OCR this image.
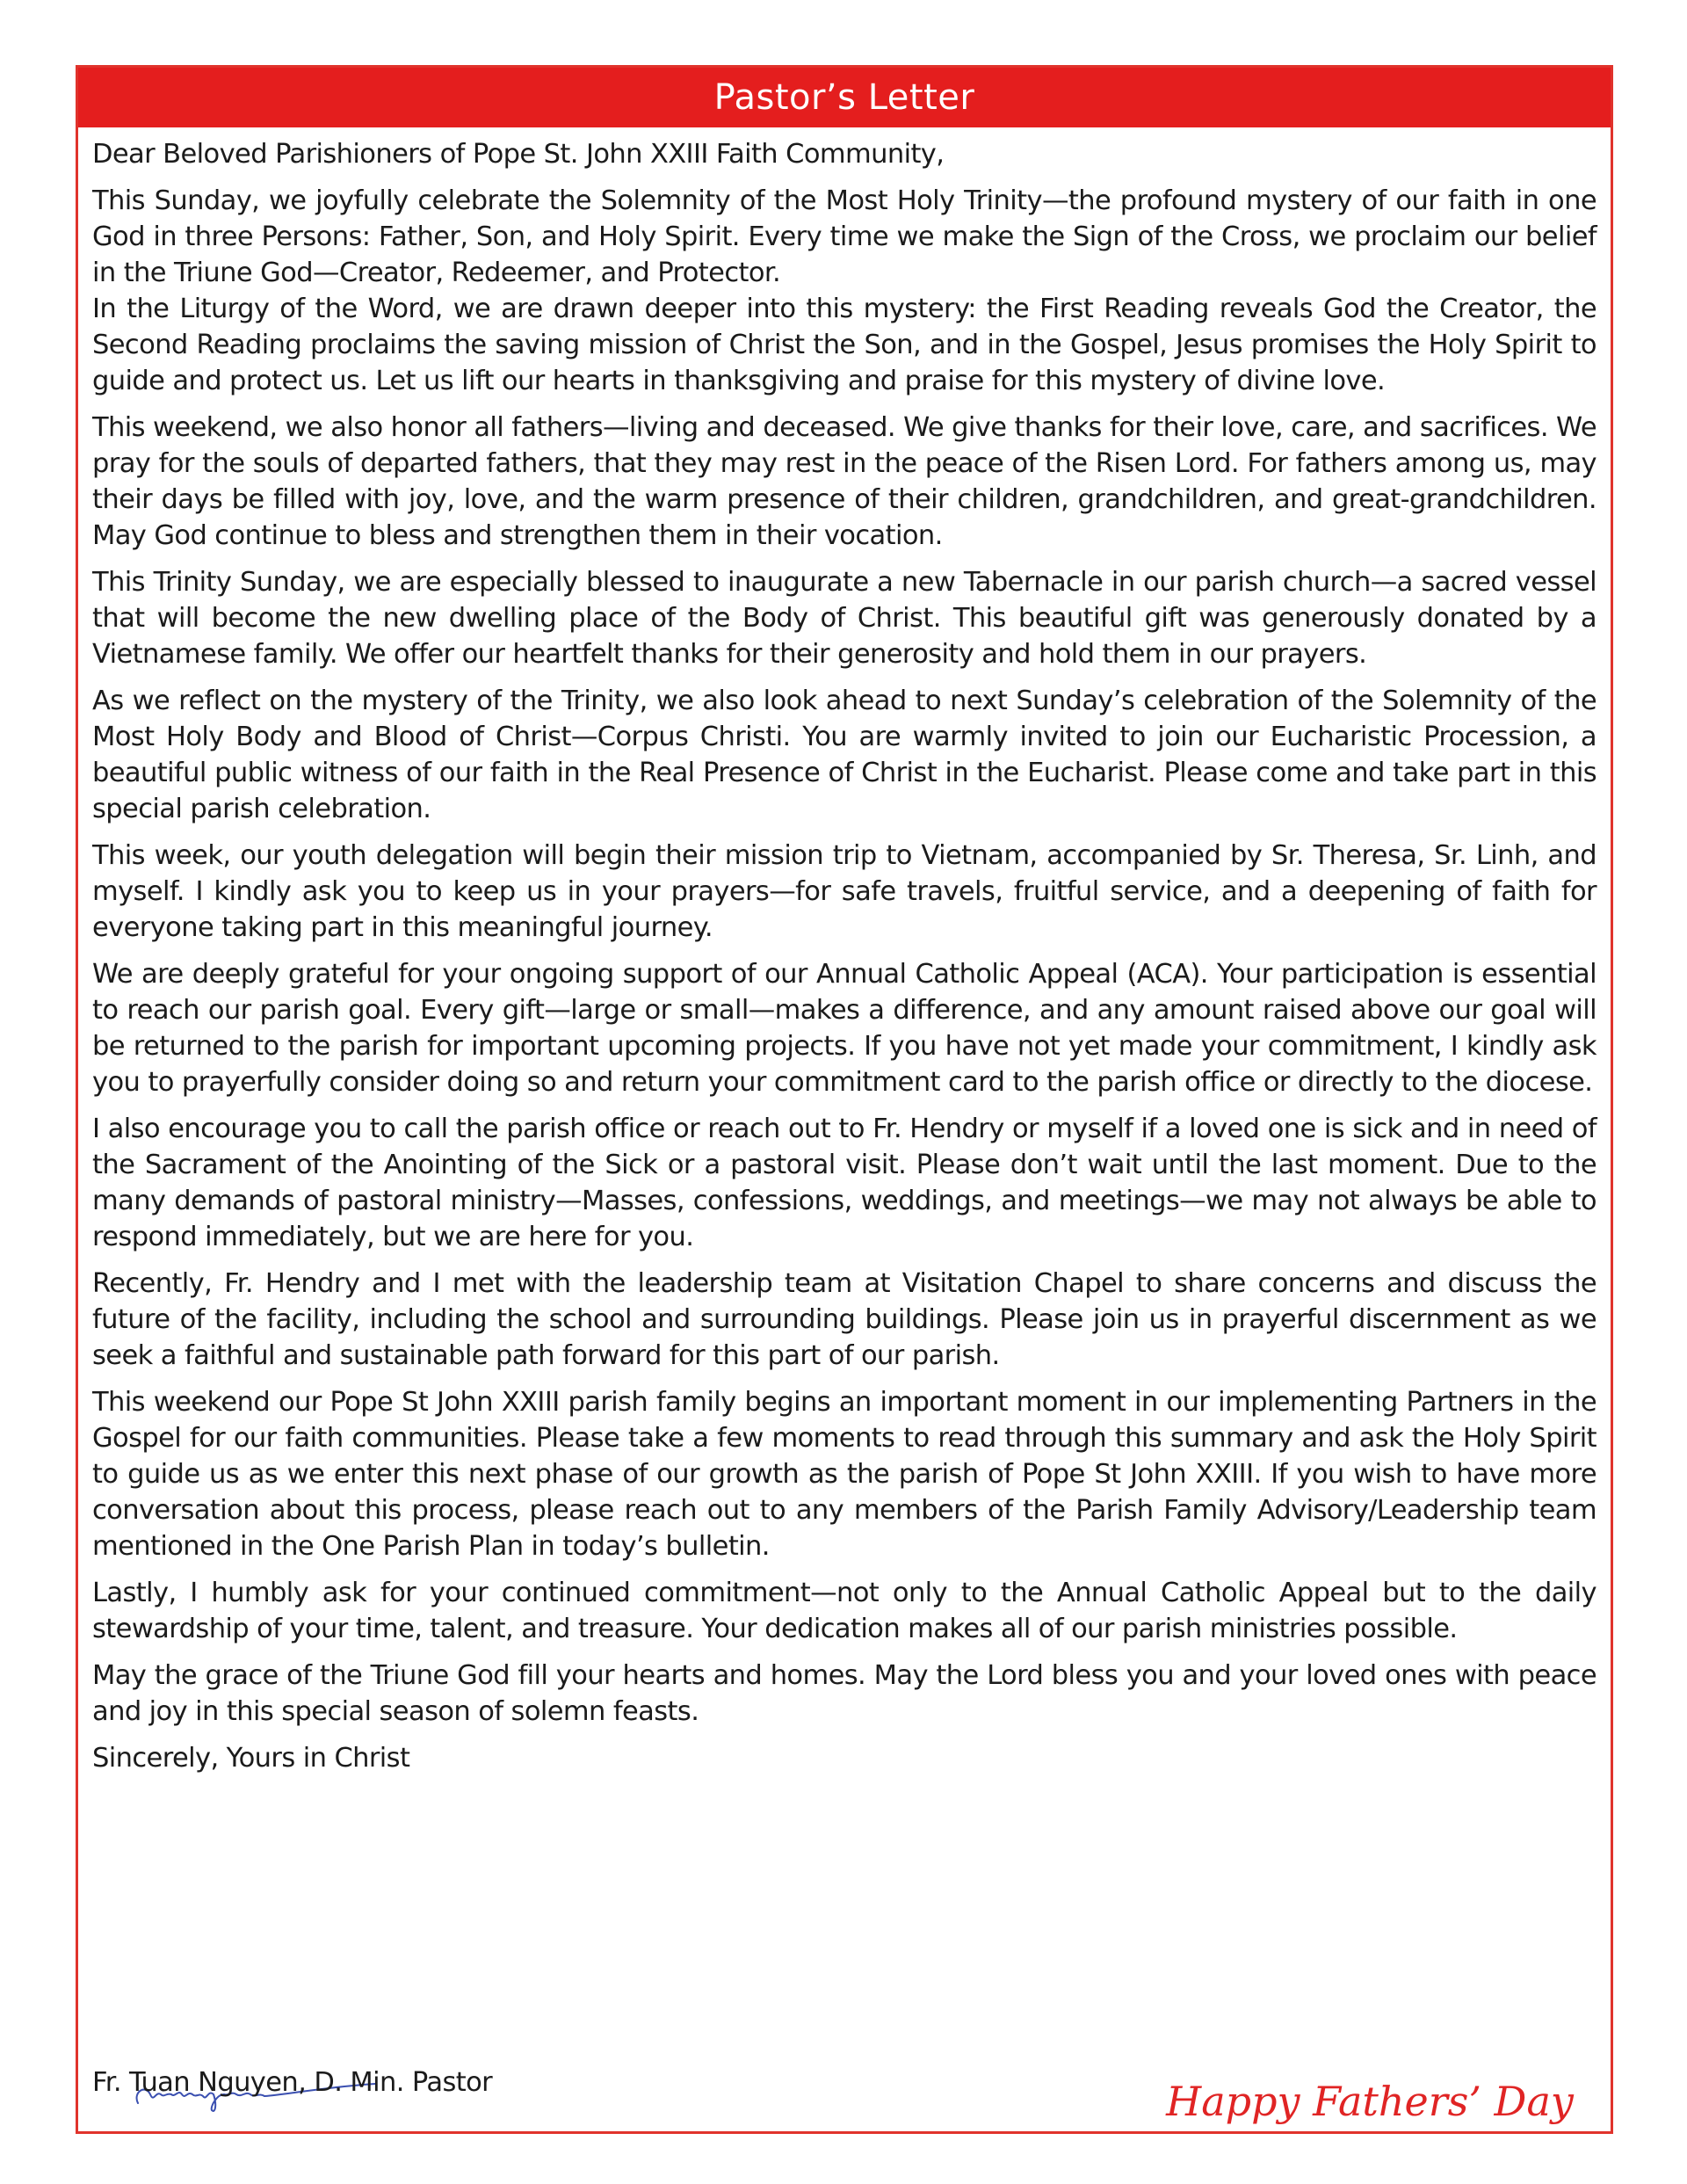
Pastor’s Letter

Dear Beloved Parishioners of Pope St. John XXIII Faith Community,

This Sunday, we joyfully celebrate the Solemnity of the Most Holy Trinity—the profound mystery of our faith in one God in three Persons: Father, Son, and Holy Spirit. Every time we make the Sign of the Cross, we proclaim our belief in the Triune God—Creator, Redeemer, and Protector.

In the Liturgy of the Word, we are drawn deeper into this mystery: the First Reading reveals God the Creator, the Second Reading proclaims the saving mission of Christ the Son, and in the Gospel, Jesus promises the Holy Spirit to guide and protect us. Let us lift our hearts in thanksgiving and praise for this mystery of divine love.

This weekend, we also honor all fathers—living and deceased. We give thanks for their love, care, and sacrifices. We pray for the souls of departed fathers, that they may rest in the peace of the Risen Lord. For fathers among us, may their days be filled with joy, love, and the warm presence of their children, grandchildren, and great-grandchildren. May God continue to bless and strengthen them in their vocation.

This Trinity Sunday, we are especially blessed to inaugurate a new Tabernacle in our parish church—a sacred vessel that will become the new dwelling place of the Body of Christ. This beautiful gift was generously donated by a Vietnamese family. We offer our heartfelt thanks for their generosity and hold them in our prayers.

As we reflect on the mystery of the Trinity, we also look ahead to next Sunday’s celebration of the Solemnity of the Most Holy Body and Blood of Christ—Corpus Christi. You are warmly invited to join our Eucharistic Procession, a beautiful public witness of our faith in the Real Presence of Christ in the Eucharist. Please come and take part in this special parish celebration.

This week, our youth delegation will begin their mission trip to Vietnam, accompanied by Sr. Theresa, Sr. Linh, and myself. I kindly ask you to keep us in your prayers—for safe travels, fruitful service, and a deepening of faith for everyone taking part in this meaningful journey.

We are deeply grateful for your ongoing support of our Annual Catholic Appeal (ACA). Your participation is essential to reach our parish goal. Every gift—large or small—makes a difference, and any amount raised above our goal will be returned to the parish for important upcoming projects. If you have not yet made your commitment, I kindly ask you to prayerfully consider doing so and return your commitment card to the parish office or directly to the diocese.

I also encourage you to call the parish office or reach out to Fr. Hendry or myself if a loved one is sick and in need of the Sacrament of the Anointing of the Sick or a pastoral visit. Please don’t wait until the last moment. Due to the many demands of pastoral ministry—Masses, confessions, weddings, and meetings—we may not always be able to respond immediately, but we are here for you.

Recently, Fr. Hendry and I met with the leadership team at Visitation Chapel to share concerns and discuss the future of the facility, including the school and surrounding buildings. Please join us in prayerful discernment as we seek a faithful and sustainable path forward for this part of our parish.

This weekend our Pope St John XXIII parish family begins an important moment in our implementing Partners in the Gospel for our faith communities. Please take a few moments to read through this summary and ask the Holy Spirit to guide us as we enter this next phase of our growth as the parish of Pope St John XXIII. If you wish to have more conversation about this process, please reach out to any members of the Parish Family Advisory/Leadership team mentioned in the One Parish Plan in today’s bulletin.

Lastly, I humbly ask for your continued commitment—not only to the Annual Catholic Appeal but to the daily stewardship of your time, talent, and treasure. Your dedication makes all of our parish ministries possible.

May the grace of the Triune God fill your hearts and homes. May the Lord bless you and your loved ones with peace and joy in this special season of solemn feasts.

Sincerely, Yours in Christ

Fr. Tuan Nguyen, D. Min. Pastor	Happy Fathers’ Day
